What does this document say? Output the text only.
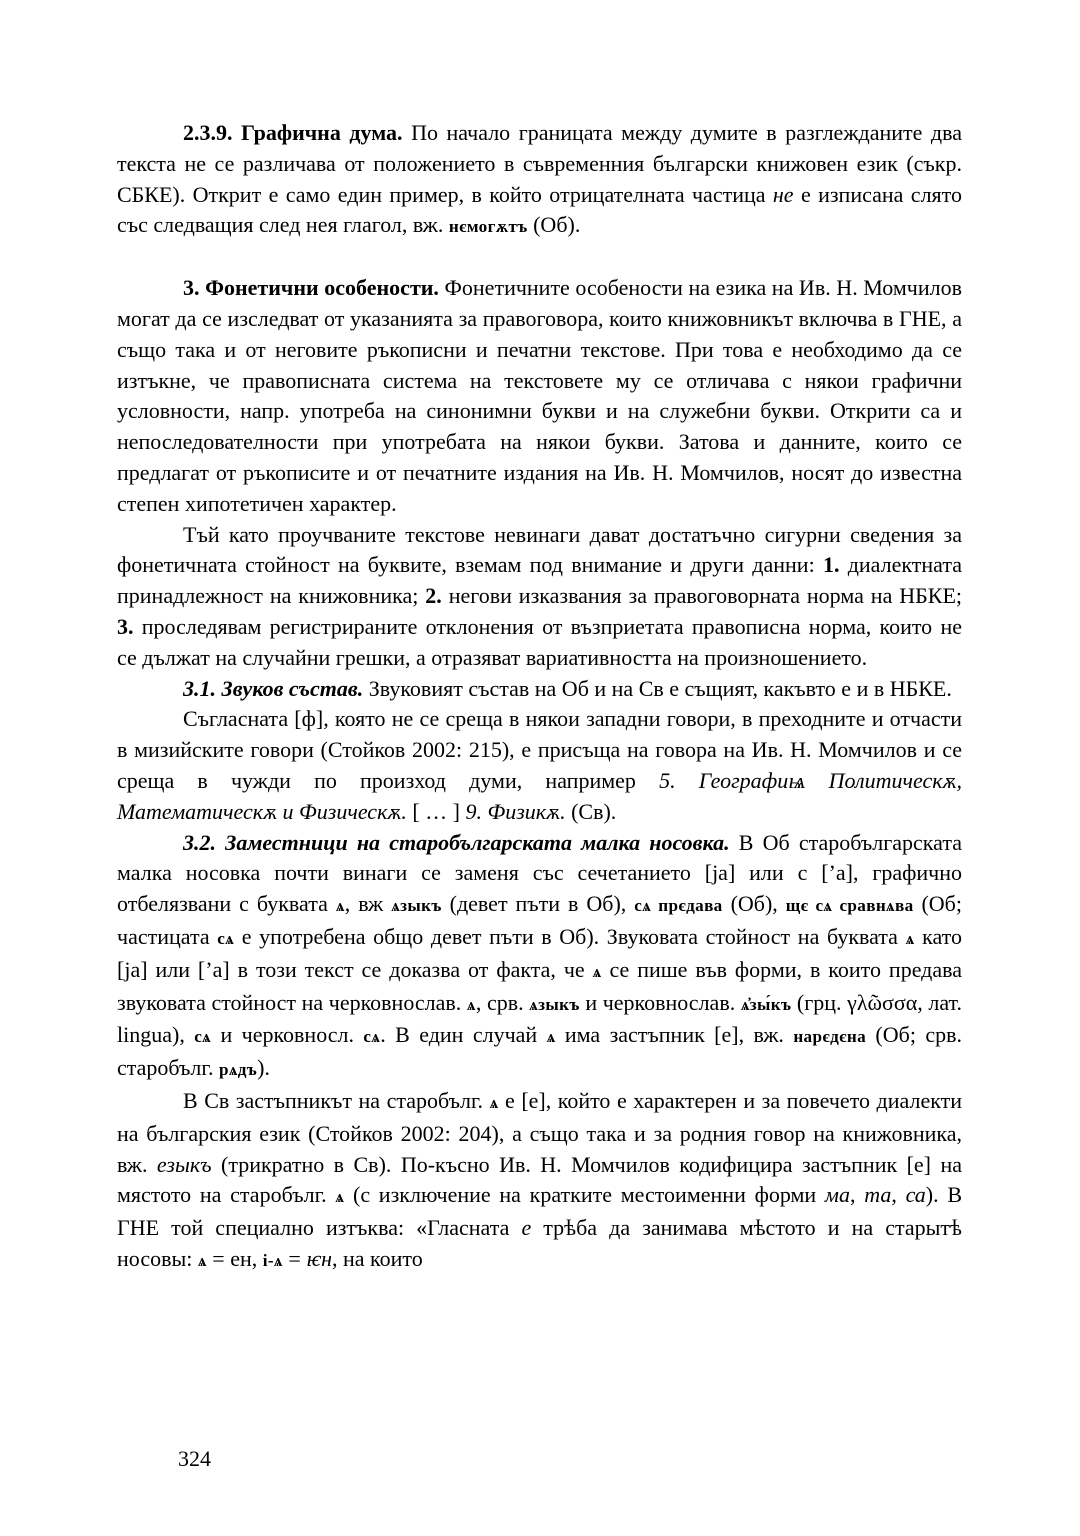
2.3.9. Графична дума. По начало границата между думите в разглежданите два текста не се различава от положението в съвременния български книжовен език (съкр. СБКЕ). Открит е само един пример, в който отрицателната частица не е изписана слято със следващия след нея глагол, вж. нємогѫтъ (Об).

3. Фонетични особености. Фонетичните особености на езика на Ив. Н. Момчилов могат да се изследват от указанията за правоговора, които книжовникът включва в ГНЕ, а също така и от неговите ръкописни и печатни текстове. При това е необходимо да се изтъкне, че правописната система на текстовете му се отличава с някои графични условности, напр. употреба на синонимни букви и на служебни букви. Открити са и непоследователности при употребата на някои букви. Затова и данните, които се предлагат от ръкописите и от печатните издания на Ив. Н. Момчилов, носят до известна степен хипотетичен характер.

Тъй като проучваните текстове невинаги дават достатъчно сигурни сведения за фонетичната стойност на буквите, вземам под внимание и други данни: 1. диалектната принадлежност на книжовника; 2. негови изказвания за правоговорната норма на НБКЕ; 3. проследявам регистрираните отклонения от възприетата правописна норма, които не се дължат на случайни грешки, а отразяват вариативността на произношението.

3.1. Звуков състав. Звуковият състав на Об и на Св е същият, какъвто е и в НБКЕ.

Съгласната [ф], която не се среща в някои западни говори, в преходните и отчасти в мизийските говори (Стойков 2002: 215), е присъща на говора на Ив. Н. Момчилов и се среща в чужди по произход думи, например 5. Географиѩ Политическѫ, Математическѫ и Физическѫ. [ … ] 9. Физикѫ. (Св).

3.2. Заместници на старобългарската малка носовка. В Об старобългарската малка носовка почти винаги се заменя със сечетанието [ја] или с [’а], графично отбелязвани с буквата ѧ, вж ѧзыкъ (девет пъти в Об), сѧ прєдава (Об), щє сѧ сравнѧва (Об; частицата сѧ е употребена общо девет пъти в Об). Звуковата стойност на буквата ѧ като [ја] или [’а] в този текст се доказва от факта, че ѧ се пише във форми, в които предава звуковата стойност на черковнослав. ѧ, срв. ѧзыкъ и черковнослав. ѧ҆зы́къ (грц. γλῶσσα, лат. lingua), сѧ и черковносл. сѧ. В един случай ѧ има застъпник [е], вж. нарєдєна (Об; срв. старобълг. рѧдъ).

В Св застъпникът на старобълг. ѧ е [е], който е характерен и за повечето диалекти на българския език (Стойков 2002: 204), а също така и за родния говор на книжовника, вж. езыкъ (трикратно в Св). По-късно Ив. Н. Момчилов кодифицира застъпник [е] на мястото на старобълг. ѧ (с изключение на кратките местоименни форми ма, та, са). В ГНЕ той специално изтъква: «Гласната е трѣба да занимава мѣстото и на старытѣ носовы: ѧ = ен, і-ѧ = ѥн, на които

324
